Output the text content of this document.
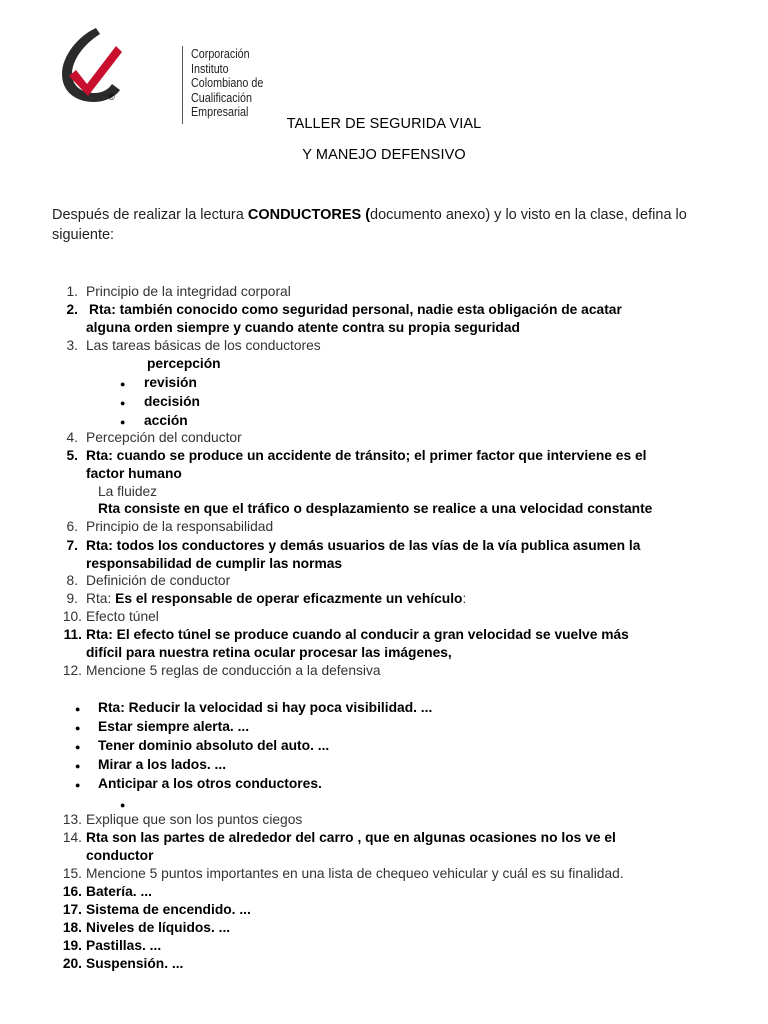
®
Corporación
Instituto
Colombiano de
Cualificación
Empresarial
TALLER DE SEGURIDA VIAL
Y MANEJO DEFENSIVO
Después de realizar la lectura CONDUCTORES (documento anexo) y lo visto en la clase, defina lo siguiente:
1. Principio de la integridad corporal
2. Rta: también conocido como seguridad personal, nadie esta obligación de acatar
alguna orden siempre y cuando atente contra su propia seguridad
3. Las tareas básicas de los conductores
percepción
● revisión
● decisión
● acción
4. Percepción del conductor
5. Rta: cuando se produce un accidente de tránsito; el primer factor que interviene es el
factor humano
La fluidez
Rta consiste en que el tráfico o desplazamiento se realice a una velocidad constante
6. Principio de la responsabilidad
7. Rta: todos los conductores y demás usuarios de las vías de la vía publica asumen la
responsabilidad de cumplir las normas
8. Definición de conductor
9. Rta: Es el responsable de operar eficazmente un vehículo:
10. Efecto túnel
11. Rta: El efecto túnel se produce cuando al conducir a gran velocidad se vuelve más
difícil para nuestra retina ocular procesar las imágenes,
12. Mencione 5 reglas de conducción a la defensiva
● Rta: Reducir la velocidad si hay poca visibilidad. ...
● Estar siempre alerta. ...
● Tener dominio absoluto del auto. ...
● Mirar a los lados. ...
● Anticipar a los otros conductores.
●
13. Explique que son los puntos ciegos
14. Rta son las partes de alrededor del carro , que en algunas ocasiones no los ve el
conductor
15. Mencione 5 puntos importantes en una lista de chequeo vehicular y cuál es su finalidad.
16. Batería. ...
17. Sistema de encendido. ...
18. Niveles de líquidos. ...
19. Pastillas. ...
20. Suspensión. ...
